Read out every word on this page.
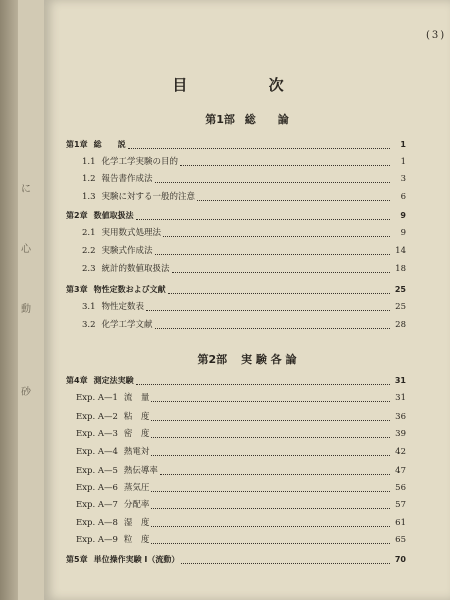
に
心
動
砂
(3)
目 次
第1部 総　　論
第2部 実 験 各 論
第1章 総　　説	1
1.1 化学工学実験の目的	1
1.2 報告書作成法	3
1.3 実験に対する一般的注意	6
第2章 数値取扱法	9
2.1 実用数式処理法	9
2.2 実験式作成法	14
2.3 統計的数値取扱法	18
第3章 物性定数および文献	25
3.1 物性定数表	25
3.2 化学工学文献	28
第4章 測定法実験	31
Exp. A—1 流　量	31
Exp. A—2 粘　度	36
Exp. A—3 密　度	39
Exp. A—4 熱電対	42
Exp. A—5 熱伝導率	47
Exp. A—6 蒸気圧	56
Exp. A—7 分配率	57
Exp. A—8 湿　度	61
Exp. A—9 粒　度	65
第5章 単位操作実験 I（流動）	70
